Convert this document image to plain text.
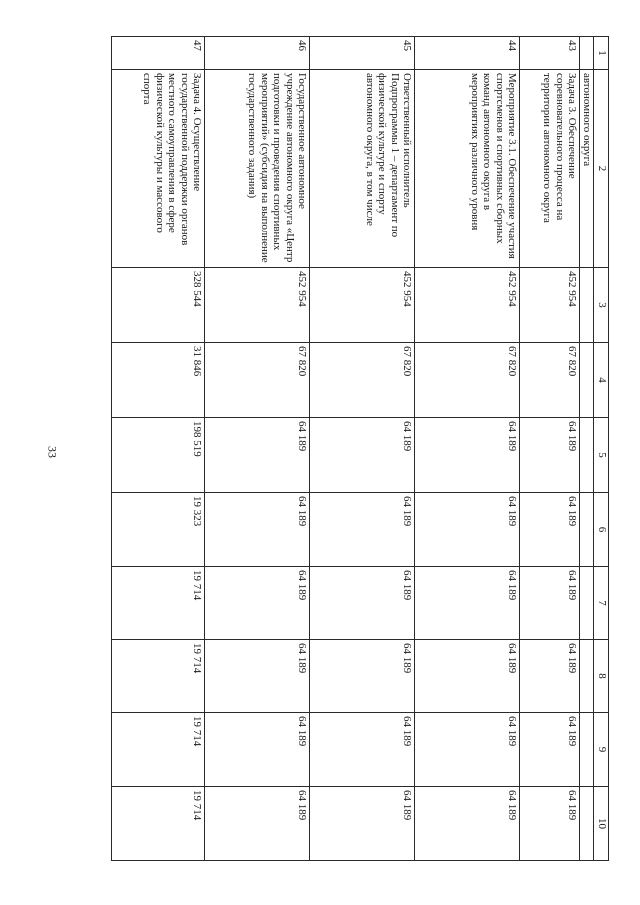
33
1	2	3	4	5	6	7	8	9	10
	автономного округа								
43	Задача 3. Обеспечение соревновательного процесса на территории автономного округа	452 954	67 820	64 189	64 189	64 189	64 189	64 189	64 189
44	Мероприятие 3.1. Обеспечение участия спортсменов и спортивных сборных команд автономного округа в мероприятиях различного уровня	452 954	67 820	64 189	64 189	64 189	64 189	64 189	64 189
45	Ответственный исполнитель Подпрограммы 1 – департамент по физической культуре и спорту автономного округа, в том числе	452 954	67 820	64 189	64 189	64 189	64 189	64 189	64 189
46	Государственное автономное учреждение автономного округа «Центр подготовки и проведения спортивных мероприятий» (субсидия на выполнение государственного задания)	452 954	67 820	64 189	64 189	64 189	64 189	64 189	64 189
47	Задача 4. Осуществление государственной поддержки органов местного самоуправления в сфере физической культуры и массового спорта	328 544	31 846	198 519	19 323	19 714	19 714	19 714	19 714
